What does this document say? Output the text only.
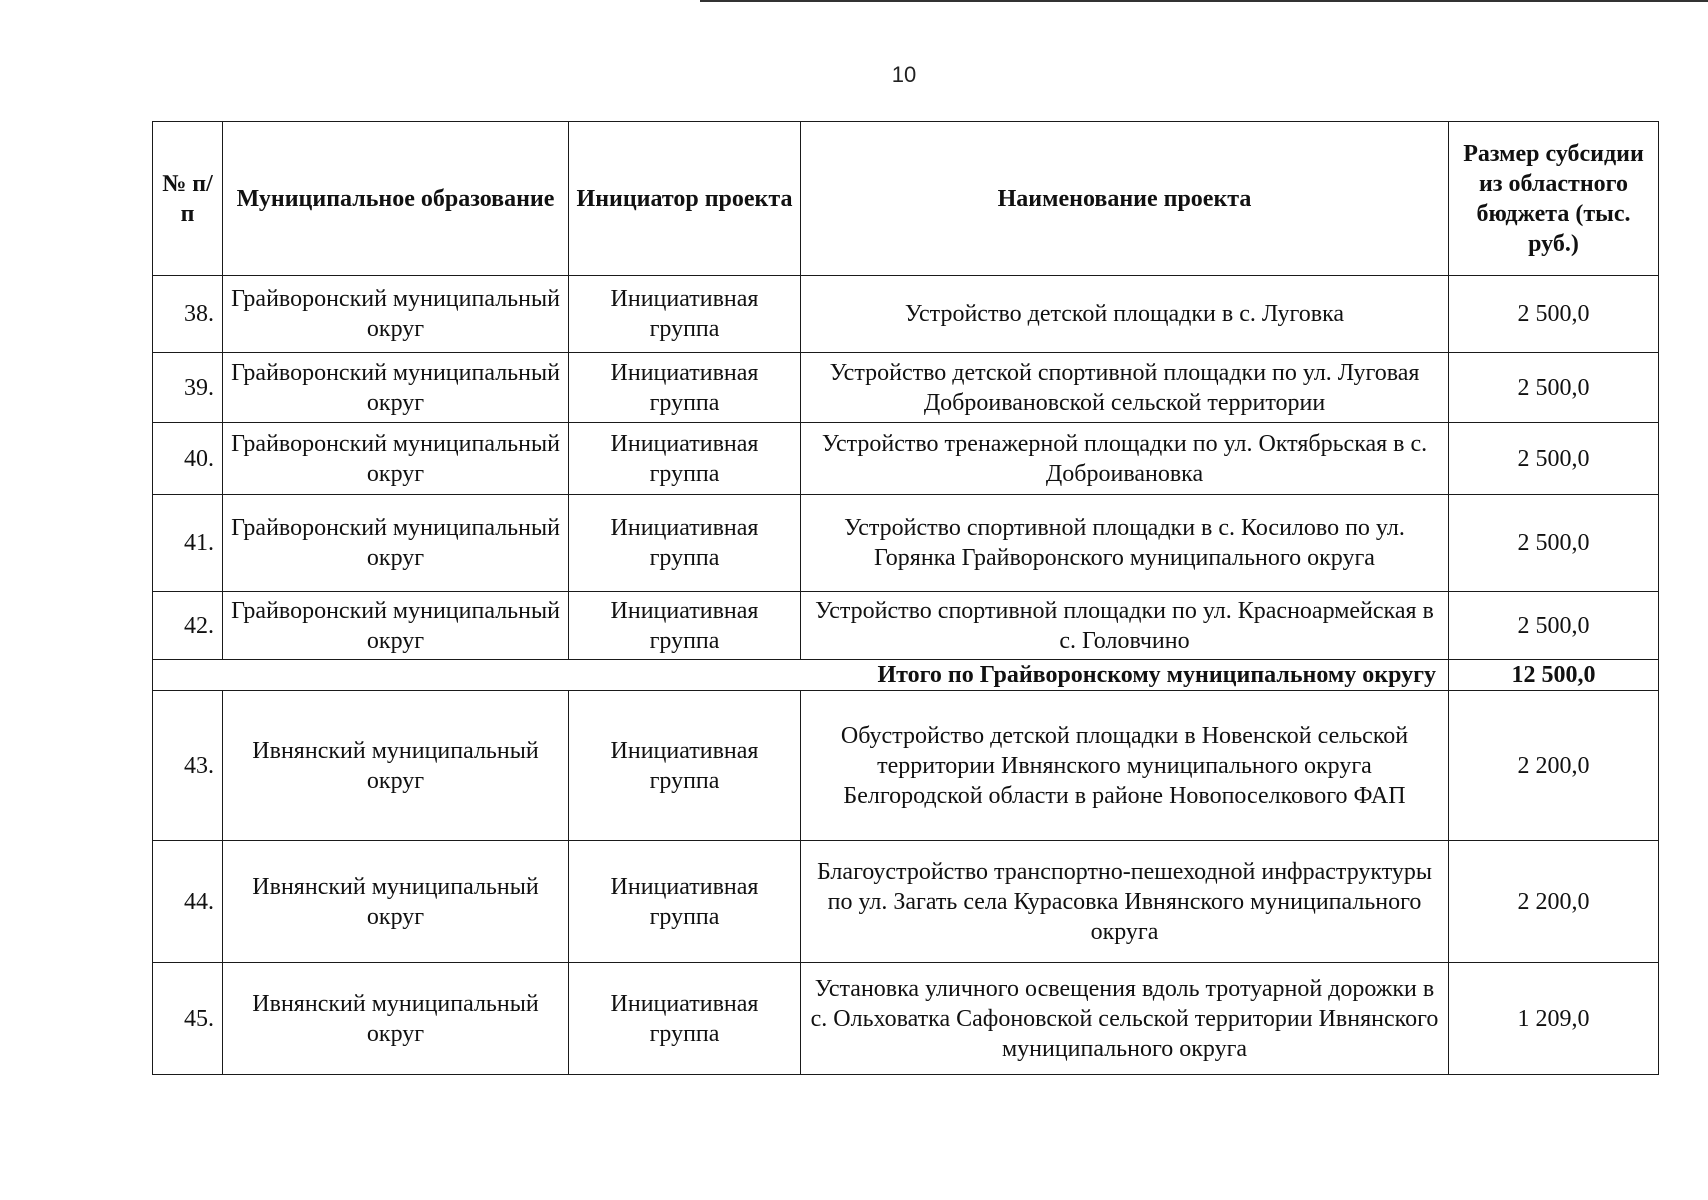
10
№ п/п	Муниципальное образование	Инициатор проекта	Наименование проекта	Размер субсидии из областного бюджета (тыс. руб.)
38.	Грайворонский муниципальный округ	Инициативная группа	Устройство детской площадки в с. Луговка	2 500,0
39.	Грайворонский муниципальный округ	Инициативная группа	Устройство детской спортивной площадки по ул. Луговая Доброивановской сельской территории	2 500,0
40.	Грайворонский муниципальный округ	Инициативная группа	Устройство тренажерной площадки по ул. Октябрьская в с. Доброивановка	2 500,0
41.	Грайворонский муниципальный округ	Инициативная группа	Устройство спортивной площадки в с. Косилово по ул. Горянка Грайворонского муниципального округа	2 500,0
42.	Грайворонский муниципальный округ	Инициативная группа	Устройство спортивной площадки по ул. Красноармейская в с. Головчино	2 500,0
Итого по Грайворонскому муниципальному округу				12 500,0
43.	Ивнянский муниципальный округ	Инициативная группа	Обустройство детской площадки в Новенской сельской территории Ивнянского муниципального округа Белгородской области в районе Новопоселкового ФАП	2 200,0
44.	Ивнянский муниципальный округ	Инициативная группа	Благоустройство транспортно-пешеходной инфраструктуры по ул. Загать села Курасовка Ивнянского муниципального округа	2 200,0
45.	Ивнянский муниципальный округ	Инициативная группа	Установка уличного освещения вдоль тротуарной дорожки в с. Ольховатка Сафоновской сельской территории Ивнянского муниципального округа	1 209,0
